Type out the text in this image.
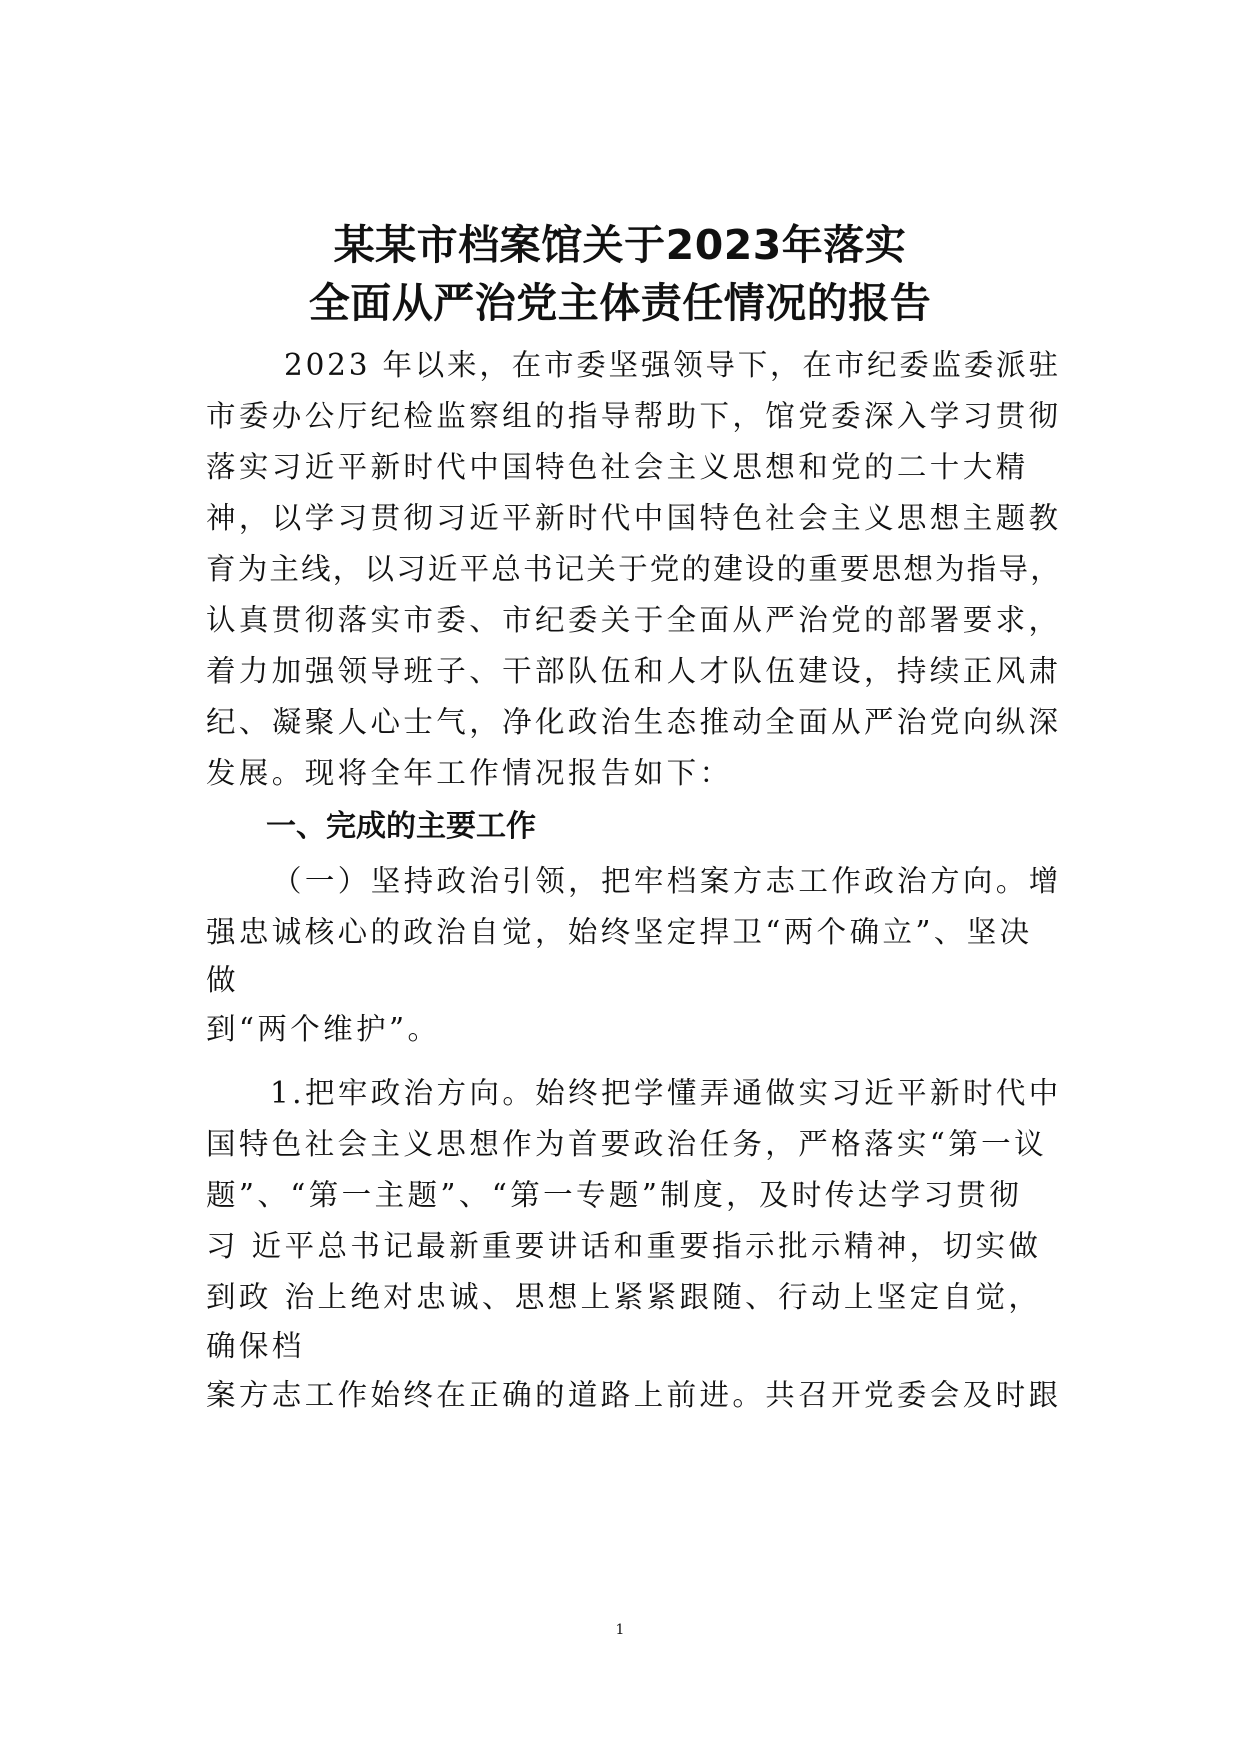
某某市档案馆关于2023年落实
全面从严治党主体责任情况的报告
2023 年以来，在市委坚强领导下，在市纪委监委派驻
市委办公厅纪检监察组的指导帮助下，馆党委深入学习贯彻
落实习近平新时代中国特色社会主义思想和党的二十大精
神，以学习贯彻习近平新时代中国特色社会主义思想主题教
育为主线，以习近平总书记关于党的建设的重要思想为指导，
认真贯彻落实市委、市纪委关于全面从严治党的部署要求，
着力加强领导班子、干部队伍和人才队伍建设，持续正风肃
纪、凝聚人心士气，净化政治生态推动全面从严治党向纵深
发展。现将全年工作情况报告如下：
一、完成的主要工作
（一）坚持政治引领，把牢档案方志工作政治方向。增
强忠诚核心的政治自觉，始终坚定捍卫“两个确立”、坚决
做
到“两个维护”。
1.把牢政治方向。始终把学懂弄通做实习近平新时代中
国特色社会主义思想作为首要政治任务，严格落实“第一议
题”、“第一主题”、“第一专题”制度，及时传达学习贯彻
习 近平总书记最新重要讲话和重要指示批示精神，切实做
到政 治上绝对忠诚、思想上紧紧跟随、行动上坚定自觉，
确保档
案方志工作始终在正确的道路上前进。共召开党委会及时跟
1
